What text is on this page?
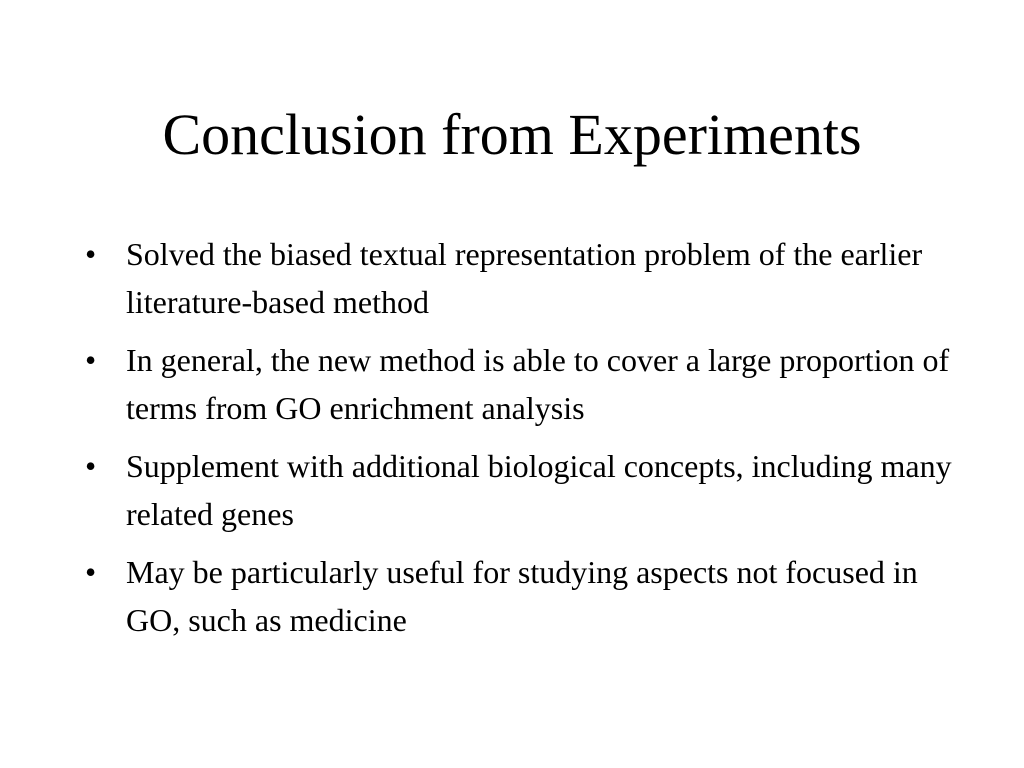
Conclusion from Experiments
• Solved the biased textual representation problem of the earlier literature-based method
• In general, the new method is able to cover a large proportion of terms from GO enrichment analysis
• Supplement with additional biological concepts, including many related genes
• May be particularly useful for studying aspects not focused in GO, such as medicine
